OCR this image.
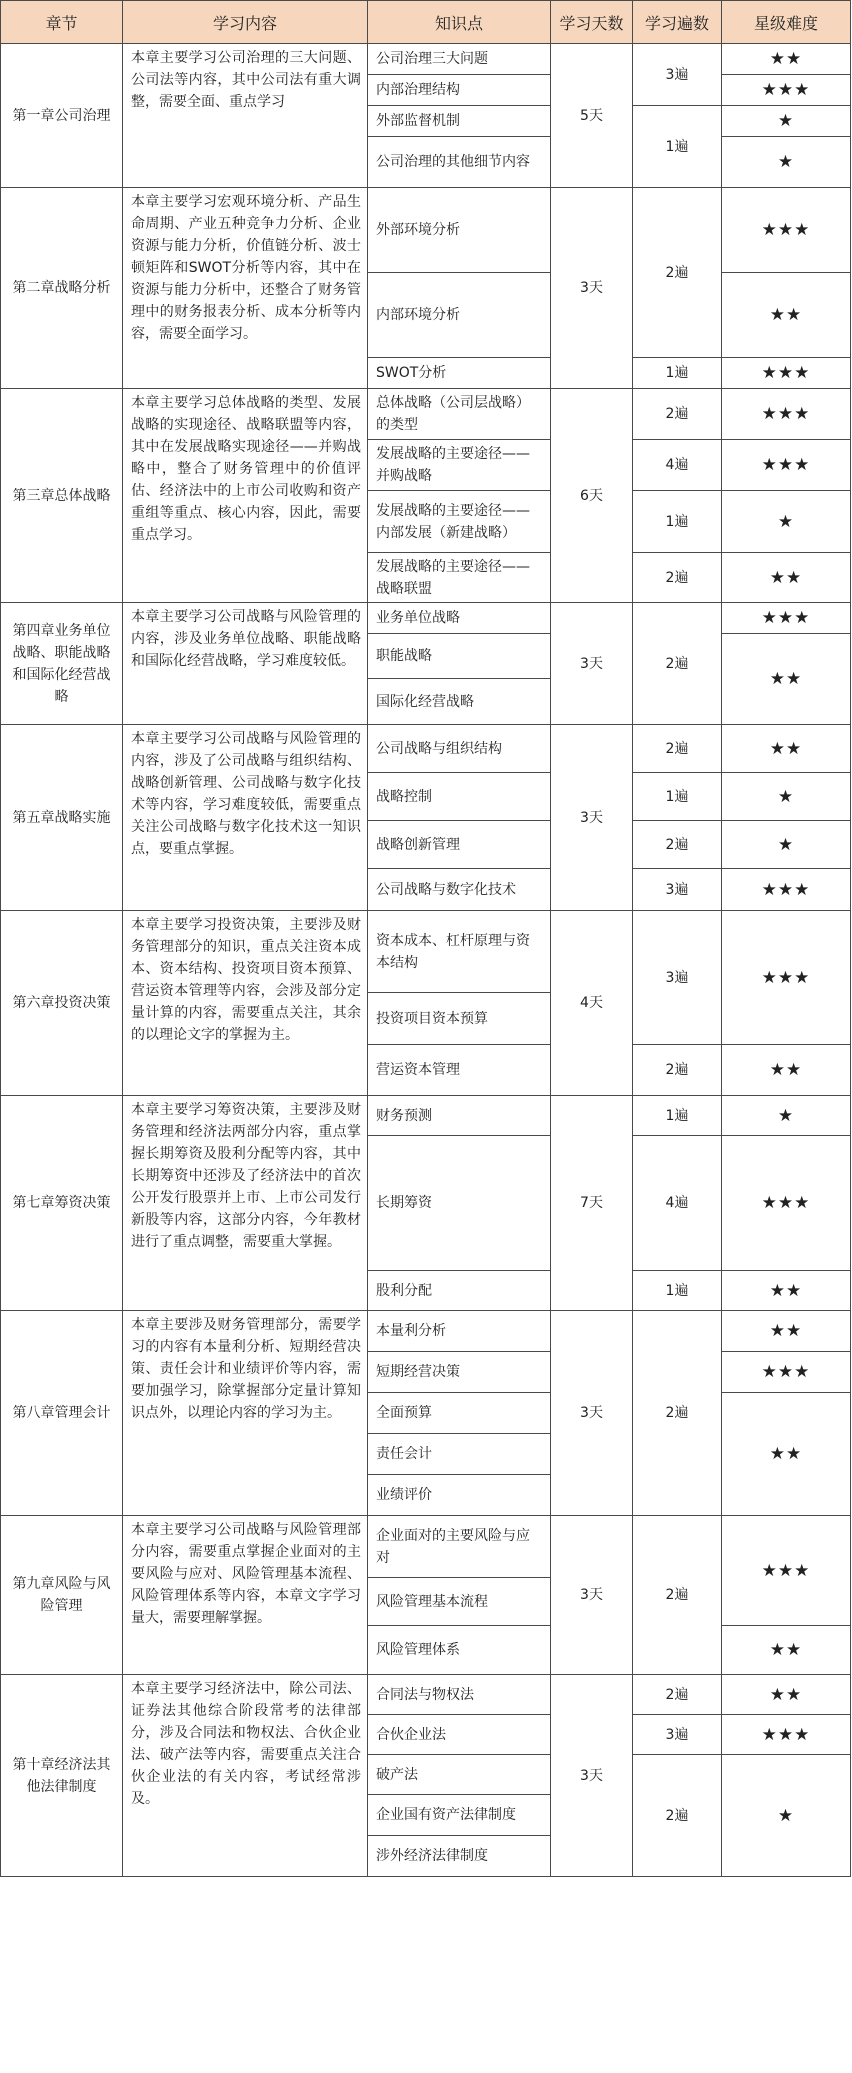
章节	学习内容	知识点	学习天数	学习遍数	星级难度
第一章公司治理	本章主要学习公司治理的三大问题、公司法等内容，其中公司法有重大调整，需要全面、重点学习	公司治理三大问题	5天	3遍	★★
		内部治理结构			★★★
		外部监督机制		1遍	★
		公司治理的其他细节内容			★
第二章战略分析	本章主要学习宏观环境分析、产品生命周期、产业五种竞争力分析、企业资源与能力分析，价值链分析、波士顿矩阵和SWOT分析等内容，其中在资源与能力分析中，还整合了财务管理中的财务报表分析、成本分析等内容，需要全面学习。	外部环境分析	3天	2遍	★★★
		内部环境分析			★★
		SWOT分析		1遍	★★★
第三章总体战略	本章主要学习总体战略的类型、发展战略的实现途径、战略联盟等内容，其中在发展战略实现途径——并购战略中，整合了财务管理中的价值评估、经济法中的上市公司收购和资产重组等重点、核心内容，因此，需要重点学习。	总体战略（公司层战略）的类型	6天	2遍	★★★
		发展战略的主要途径——并购战略		4遍	★★★
		发展战略的主要途径——内部发展（新建战略）		1遍	★
		发展战略的主要途径——战略联盟		2遍	★★
第四章业务单位战略、职能战略和国际化经营战略	本章主要学习公司战略与风险管理的内容，涉及业务单位战略、职能战略和国际化经营战略，学习难度较低。	业务单位战略	3天	2遍	★★★
		职能战略			★★
		国际化经营战略			
第五章战略实施	本章主要学习公司战略与风险管理的内容，涉及了公司战略与组织结构、战略创新管理、公司战略与数字化技术等内容，学习难度较低，需要重点关注公司战略与数字化技术这一知识点，要重点掌握。	公司战略与组织结构	3天	2遍	★★
		战略控制		1遍	★
		战略创新管理		2遍	★
		公司战略与数字化技术		3遍	★★★
第六章投资决策	本章主要学习投资决策，主要涉及财务管理部分的知识，重点关注资本成本、资本结构、投资项目资本预算、营运资本管理等内容，会涉及部分定量计算的内容，需要重点关注，其余的以理论文字的掌握为主。	资本成本、杠杆原理与资本结构	4天	3遍	★★★
		投资项目资本预算			
		营运资本管理		2遍	★★
第七章筹资决策	本章主要学习筹资决策，主要涉及财务管理和经济法两部分内容，重点掌握长期筹资及股利分配等内容，其中长期筹资中还涉及了经济法中的首次公开发行股票并上市、上市公司发行新股等内容，这部分内容，今年教材进行了重点调整，需要重大掌握。	财务预测	7天	1遍	★
		长期筹资		4遍	★★★
		股利分配		1遍	★★
第八章管理会计	本章主要涉及财务管理部分，需要学习的内容有本量利分析、短期经营决策、责任会计和业绩评价等内容，需要加强学习，除掌握部分定量计算知识点外，以理论内容的学习为主。	本量利分析	3天	2遍	★★
		短期经营决策			★★★
		全面预算			★★
		责任会计			
		业绩评价			
第九章风险与风险管理	本章主要学习公司战略与风险管理部分内容，需要重点掌握企业面对的主要风险与应对、风险管理基本流程、风险管理体系等内容，本章文字学习量大，需要理解掌握。	企业面对的主要风险与应对	3天	2遍	★★★
		风险管理基本流程			
		风险管理体系			★★
第十章经济法其他法律制度	本章主要学习经济法中，除公司法、证券法其他综合阶段常考的法律部分，涉及合同法和物权法、合伙企业法、破产法等内容，需要重点关注合伙企业法的有关内容，考试经常涉及。	合同法与物权法	3天	2遍	★★
		合伙企业法		3遍	★★★
		破产法		2遍	★
		企业国有资产法律制度			
		涉外经济法律制度			
